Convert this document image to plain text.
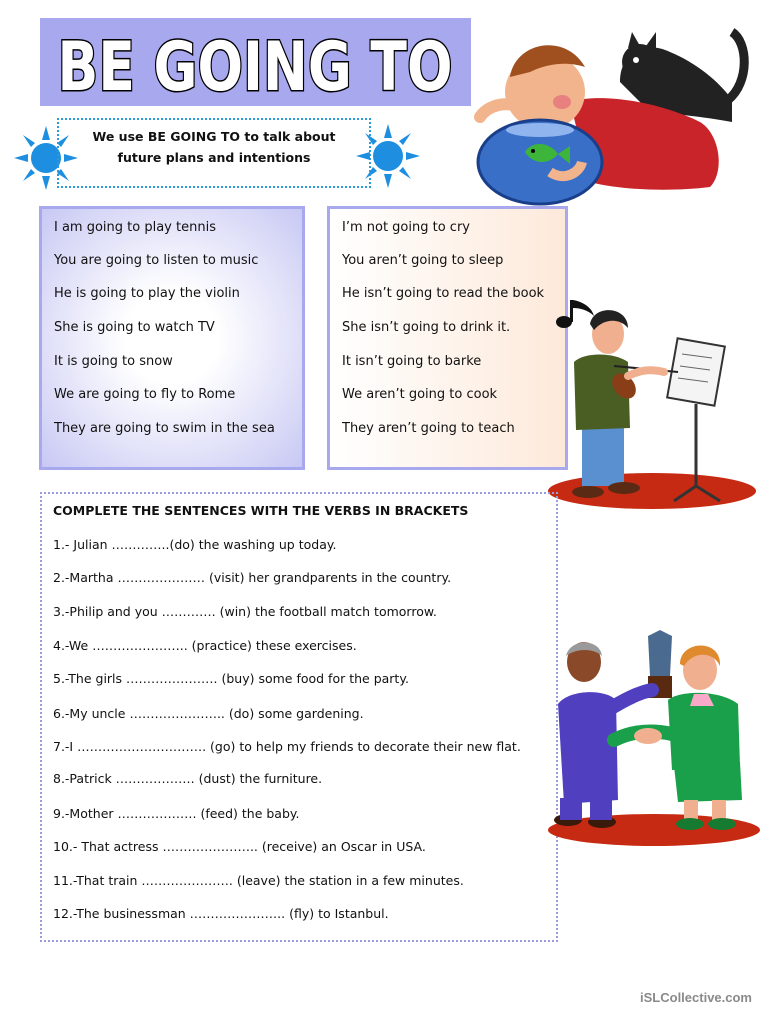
BE GOING TO
We use BE GOING TO to talk about
future plans and intentions
I am going to play tennis
You are going to listen to music
He is going to play the violin
She is going to watch TV
It is going to snow
We are going to fly to Rome
They are going to swim in the sea
I’m not going to cry
You aren’t going to sleep
He isn’t going to read the book
She isn’t going to drink it.
It isn’t going to barke
We aren’t going to cook
They aren’t going to teach
COMPLETE THE SENTENCES WITH THE VERBS IN BRACKETS
1.- Julian …………..(do) the washing up today.
2.-Martha ………………… (visit) her grandparents in the country.
3.-Philip and you …………. (win) the football match tomorrow.
4.-We ………………….. (practice) these exercises.
5.-The girls …………………. (buy) some food for the party.
6.-My uncle ………………….. (do) some gardening.
7.-I …………………………. (go) to help my friends to decorate their new flat.
8.-Patrick ………………. (dust) the furniture.
9.-Mother ………………. (feed) the baby.
10.- That actress ………………….. (receive) an Oscar in USA.
11.-That train …………………. (leave) the station in a few minutes.
12.-The businessman ………………….. (fly) to Istanbul.
iSLCollective.com
